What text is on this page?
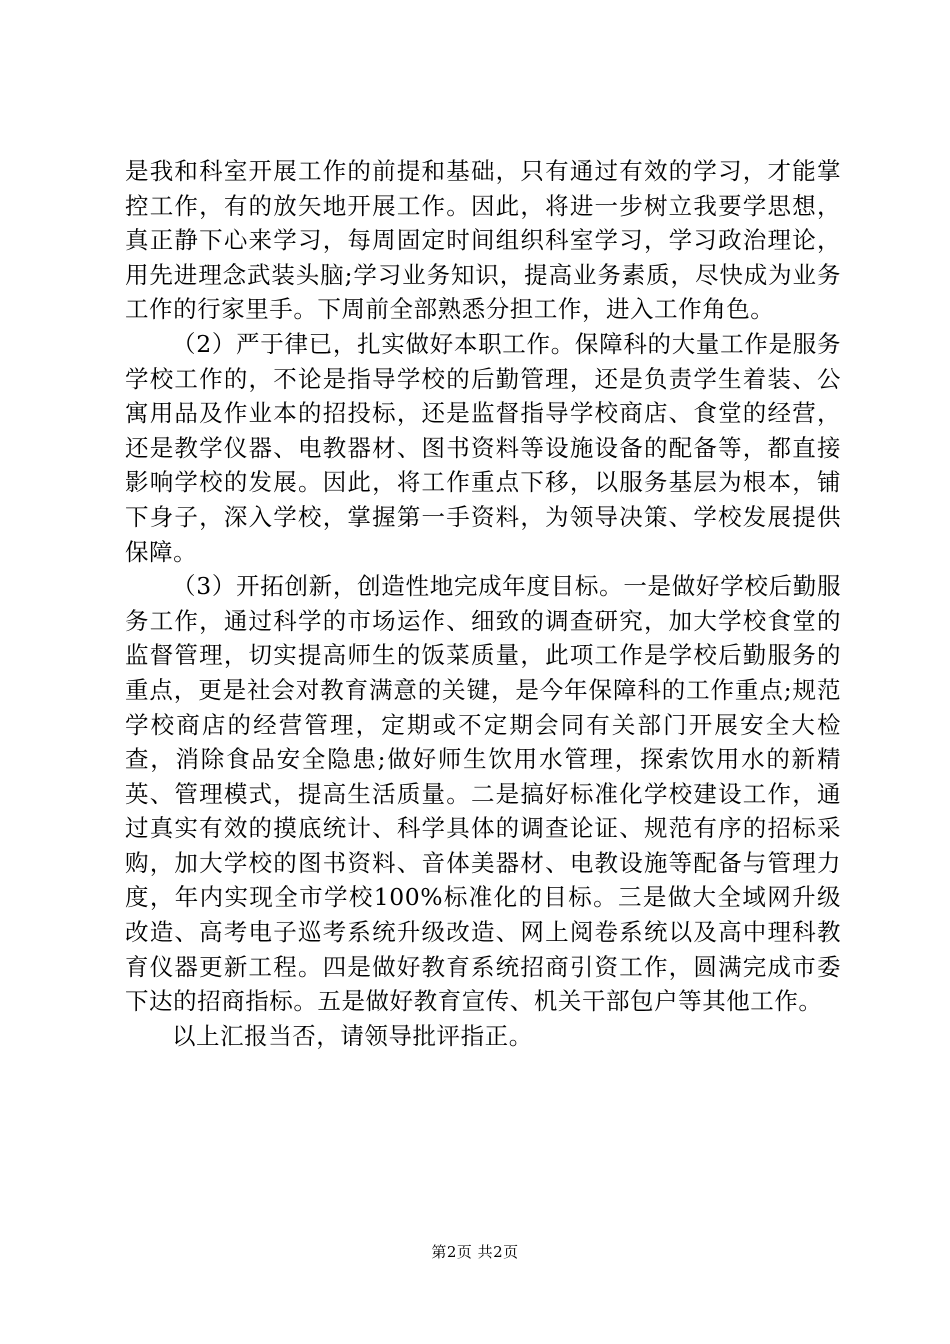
是我和科室开展工作的前提和基础，只有通过有效的学习，才能掌控工作，有的放矢地开展工作。因此，将进一步树立我要学思想，真正静下心来学习，每周固定时间组织科室学习，学习政治理论，用先进理念武装头脑;学习业务知识，提高业务素质，尽快成为业务工作的行家里手。下周前全部熟悉分担工作，进入工作角色。

（2）严于律已，扎实做好本职工作。保障科的大量工作是服务学校工作的，不论是指导学校的后勤管理，还是负责学生着装、公寓用品及作业本的招投标，还是监督指导学校商店、食堂的经营，还是教学仪器、电教器材、图书资料等设施设备的配备等，都直接影响学校的发展。因此，将工作重点下移，以服务基层为根本，铺下身子，深入学校，掌握第一手资料，为领导决策、学校发展提供保障。

（3）开拓创新，创造性地完成年度目标。一是做好学校后勤服务工作，通过科学的市场运作、细致的调查研究，加大学校食堂的监督管理，切实提高师生的饭菜质量，此项工作是学校后勤服务的重点，更是社会对教育满意的关键，是今年保障科的工作重点;规范学校商店的经营管理，定期或不定期会同有关部门开展安全大检查，消除食品安全隐患;做好师生饮用水管理，探索饮用水的新精英、管理模式，提高生活质量。二是搞好标准化学校建设工作，通过真实有效的摸底统计、科学具体的调查论证、规范有序的招标采购，加大学校的图书资料、音体美器材、电教设施等配备与管理力度，年内实现全市学校100%标准化的目标。三是做大全域网升级改造、高考电子巡考系统升级改造、网上阅卷系统以及高中理科教育仪器更新工程。四是做好教育系统招商引资工作，圆满完成市委下达的招商指标。五是做好教育宣传、机关干部包户等其他工作。

以上汇报当否，请领导批评指正。

第2页 共2页
